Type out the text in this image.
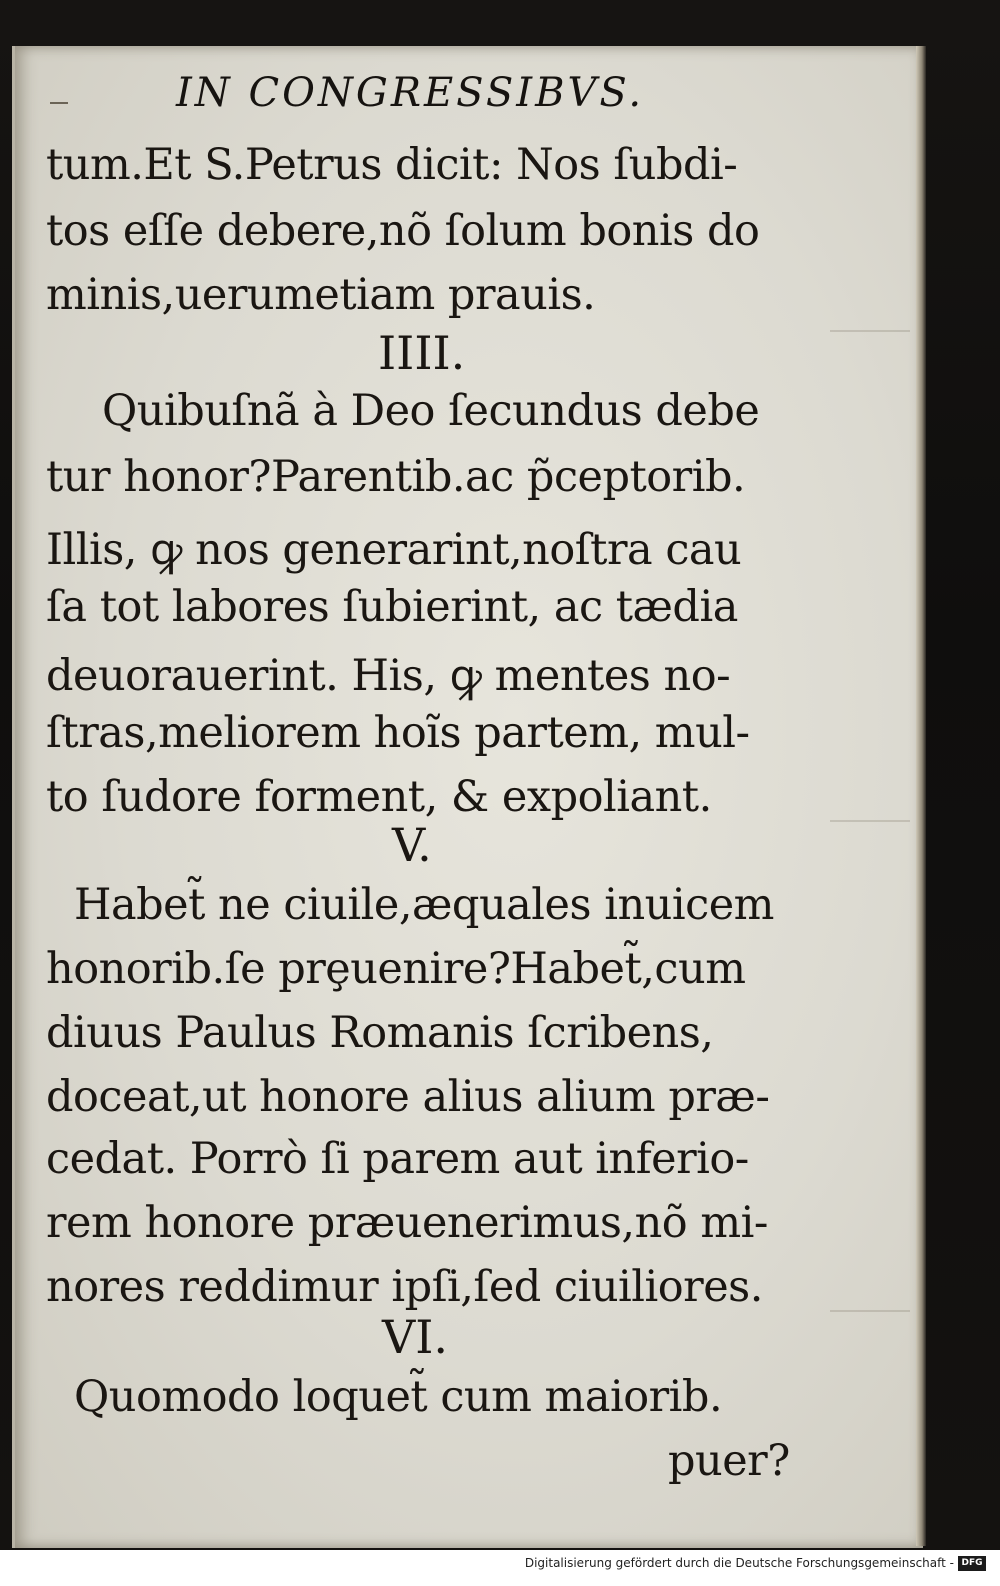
IN CONGRESSIBVS.
tum.Et S.Petrus dicit: Nos ſubdi-
tos eſſe debere,nõ ſolum bonis do
minis,uerumetiam prauis.
IIII.
Quibuſnã à Deo ſecundus debe
tur honor?Parentib.ac p̃ceptorib.
Illis, ꝙ nos generarint,noſtra cau
ſa tot labores ſubierint, ac tædia
deuorauerint. His, ꝙ mentes no-
ſtras,meliorem hoĩs partem, mul-
to ſudore forment, & expoliant.
V.
Habet̃ ne ciuile,æquales inuicem
honorib.ſe prȩuenire?Habet̃,cum
diuus Paulus Romanis ſcribens,
doceat,ut honore alius alium præ-
cedat. Porrò ſi parem aut inferio-
rem honore præuenerimus,nõ mi-
nores reddimur ipſi,ſed ciuiliores.
VI.
Quomodo loquet̃ cum maiorib.
puer?
Digitalisierung gefördert durch die Deutsche Forschungsgemeinschaft - DFG
